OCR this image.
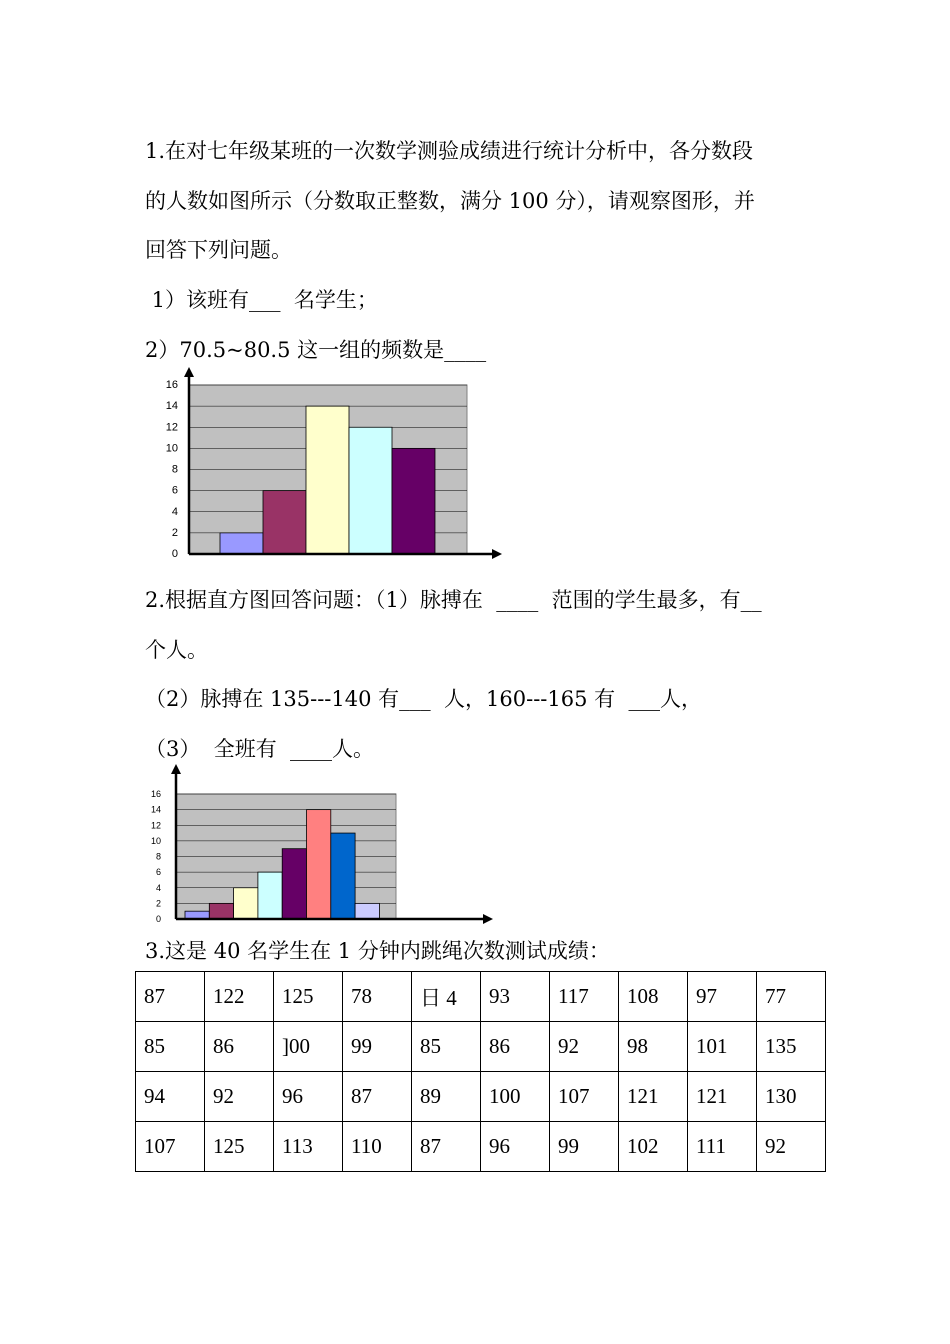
1.在对七年级某班的一次数学测验成绩进行统计分析中，各分数段
的人数如图所示（分数取正整数，满分 100 分），请观察图形，并
回答下列问题。
1）该班有___  名学生；
2）70.5~80.5 这一组的频数是____
0
2
4
6
8
10
12
14
16
2.根据直方图回答问题：（1）脉搏在  ____  范围的学生最多，有__
个人。
（2）脉搏在 135---140 有___  人，160---165 有  ___人，
（3）  全班有  ____人。
0
2
4
6
8
10
12
14
16
3.这是 40 名学生在 1 分钟内跳绳次数测试成绩：
87	122	125	78	日 4	93	117	108	97	77
85	86	]00	99	85	86	92	98	101	135
94	92	96	87	89	100	107	121	121	130
107	125	113	110	87	96	99	102	111	92
